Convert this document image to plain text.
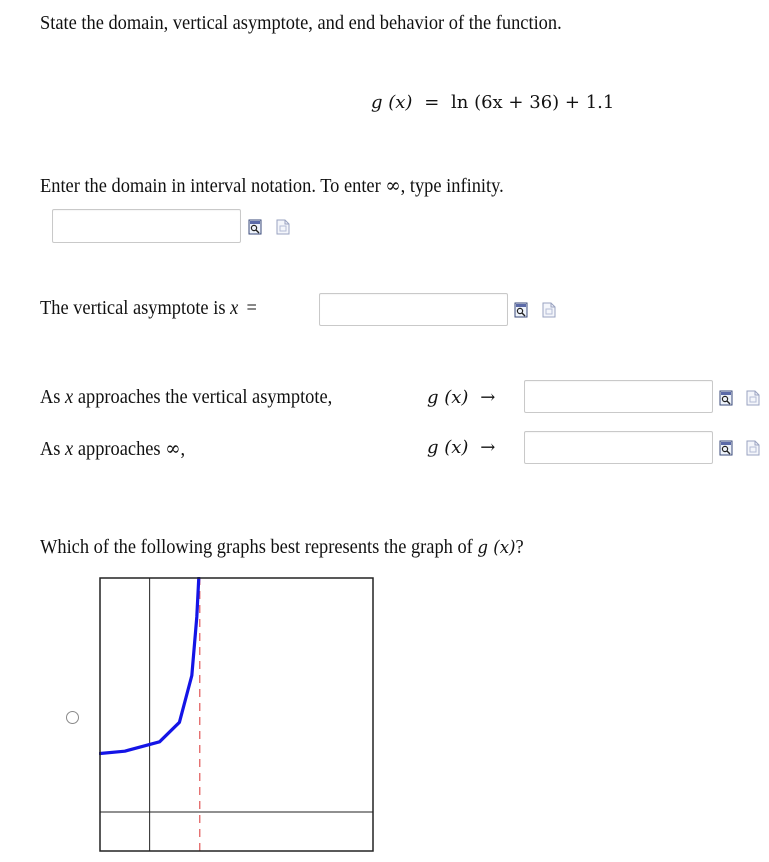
State the domain, vertical asymptote, and end behavior of the function.
g (x) = ln (6x + 36) + 1.1
Enter the domain in interval notation. To enter ∞, type infinity.
The vertical asymptote is x =
As x approaches the vertical asymptote,	g (x) →
As x approaches ∞,	g (x) →
Which of the following graphs best represents the graph of g (x)?
